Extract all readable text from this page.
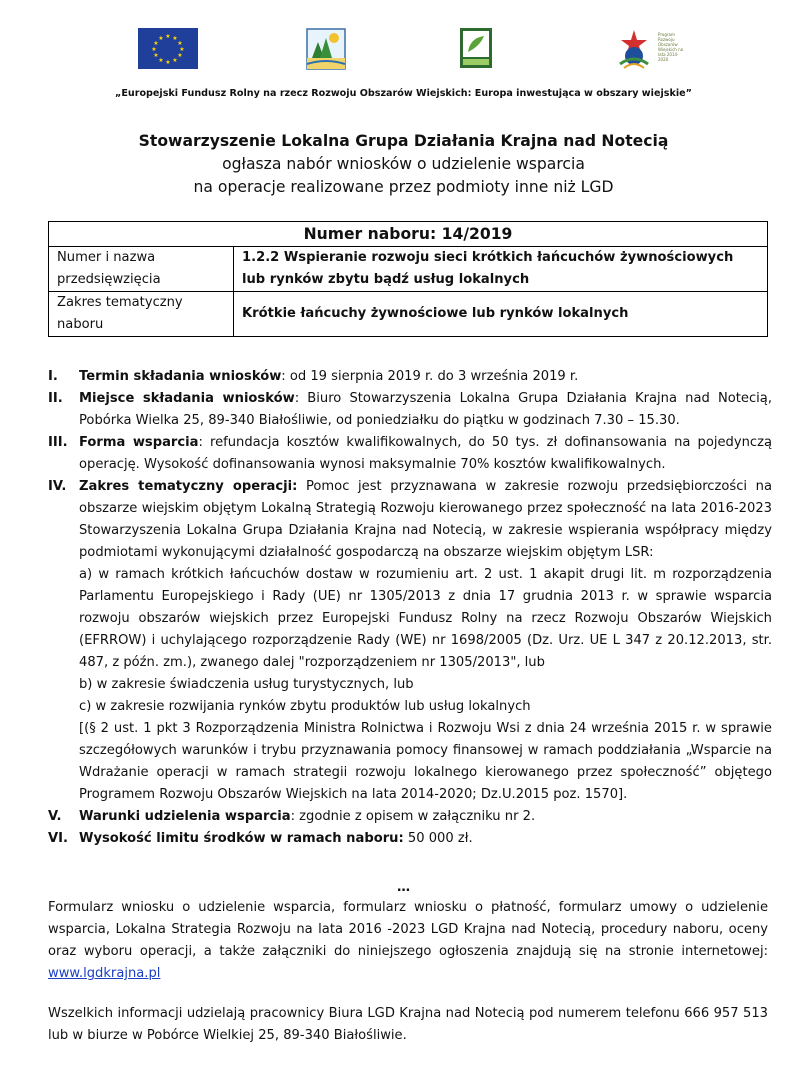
★ ★
★
★
★
★
★
★
★
★
★
★
Program Rozwoju Obszarów Wiejskich na lata 2014-2020
„Europejski Fundusz Rolny na rzecz Rozwoju Obszarów Wiejskich: Europa inwestująca w obszary wiejskie”
Stowarzyszenie Lokalna Grupa Działania Krajna nad Notecią
ogłasza nabór wniosków o udzielenie wsparcia
na operacje realizowane przez podmioty inne niż LGD
Numer naboru: 14/2019	
Numer i nazwa przedsięwzięcia	1.2.2 Wspieranie rozwoju sieci krótkich łańcuchów żywnościowych lub rynków zbytu bądź usług lokalnych
Zakres tematyczny naboru	Krótkie łańcuchy żywnościowe lub rynków lokalnych
I. Termin składania wniosków: od 19 sierpnia 2019 r. do 3 września 2019 r.
II. Miejsce składania wniosków: Biuro Stowarzyszenia Lokalna Grupa Działania Krajna nad Notecią, Pobórka Wielka 25, 89-340 Białośliwie, od poniedziałku do piątku w godzinach 7.30 – 15.30.
III. Forma wsparcia: refundacja kosztów kwalifikowalnych, do 50 tys. zł dofinansowania na pojedynczą operację. Wysokość dofinansowania wynosi maksymalnie 70% kosztów kwalifikowalnych.
IV. Zakres tematyczny operacji: Pomoc jest przyznawana w zakresie rozwoju przedsiębiorczości na obszarze wiejskim objętym Lokalną Strategią Rozwoju kierowanego przez społeczność na lata 2016-2023 Stowarzyszenia Lokalna Grupa Działania Krajna nad Notecią, w zakresie wspierania współpracy między podmiotami wykonującymi działalność gospodarczą na obszarze wiejskim objętym LSR:

a) w ramach krótkich łańcuchów dostaw w rozumieniu art. 2 ust. 1 akapit drugi lit. m rozporządzenia Parlamentu Europejskiego i Rady (UE) nr 1305/2013 z dnia 17 grudnia 2013 r. w sprawie wsparcia rozwoju obszarów wiejskich przez Europejski Fundusz Rolny na rzecz Rozwoju Obszarów Wiejskich (EFRROW) i uchylającego rozporządzenie Rady (WE) nr 1698/2005 (Dz. Urz. UE L 347 z 20.12.2013, str. 487, z późn. zm.), zwanego dalej "rozporządzeniem nr 1305/2013", lub

b) w zakresie świadczenia usług turystycznych, lub

c) w zakresie rozwijania rynków zbytu produktów lub usług lokalnych

[(§ 2 ust. 1 pkt 3 Rozporządzenia Ministra Rolnictwa i Rozwoju Wsi z dnia 24 września 2015 r. w sprawie szczegółowych warunków i trybu przyznawania pomocy finansowej w ramach poddziałania „Wsparcie na Wdrażanie operacji w ramach strategii rozwoju lokalnego kierowanego przez społeczność” objętego Programem Rozwoju Obszarów Wiejskich na lata 2014-2020; Dz.U.2015 poz. 1570].

V. Warunki udzielenia wsparcia: zgodnie z opisem w załączniku nr 2.
VI. Wysokość limitu środków w ramach naboru: 50 000 zł.
…
Formularz wniosku o udzielenie wsparcia, formularz wniosku o płatność, formularz umowy o udzielenie wsparcia, Lokalna Strategia Rozwoju na lata 2016 -2023 LGD Krajna nad Notecią, procedury naboru, oceny oraz wyboru operacji, a także załączniki do niniejszego ogłoszenia znajdują się na stronie internetowej: www.lgdkrajna.pl
Wszelkich informacji udzielają pracownicy Biura LGD Krajna nad Notecią pod numerem telefonu 666 957 513 lub w biurze w Pobórce Wielkiej 25, 89-340 Białośliwie.
